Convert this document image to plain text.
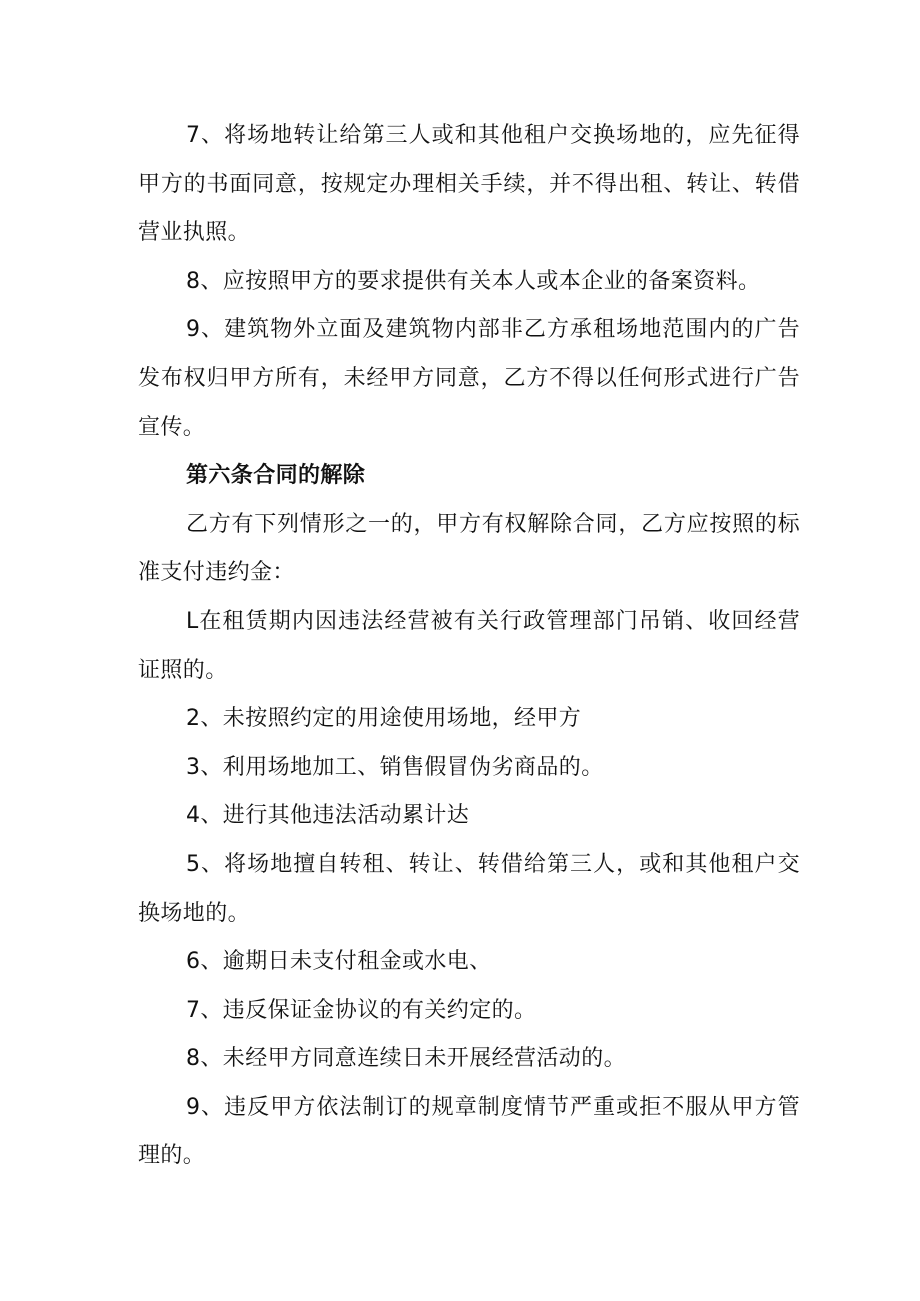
7、将场地转让给第三人或和其他租户交换场地的，应先征得甲方的书面同意，按规定办理相关手续，并不得出租、转让、转借营业执照。

8、应按照甲方的要求提供有关本人或本企业的备案资料。

9、建筑物外立面及建筑物内部非乙方承租场地范围内的广告发布权归甲方所有，未经甲方同意，乙方不得以任何形式进行广告宣传。

第六条合同的解除

乙方有下列情形之一的，甲方有权解除合同，乙方应按照的标准支付违约金：

L在租赁期内因违法经营被有关行政管理部门吊销、收回经营证照的。

2、未按照约定的用途使用场地，经甲方

3、利用场地加工、销售假冒伪劣商品的。

4、进行其他违法活动累计达

5、将场地擅自转租、转让、转借给第三人，或和其他租户交换场地的。

6、逾期日未支付租金或水电、

7、违反保证金协议的有关约定的。

8、未经甲方同意连续日未开展经营活动的。

9、违反甲方依法制订的规章制度情节严重或拒不服从甲方管理的。
